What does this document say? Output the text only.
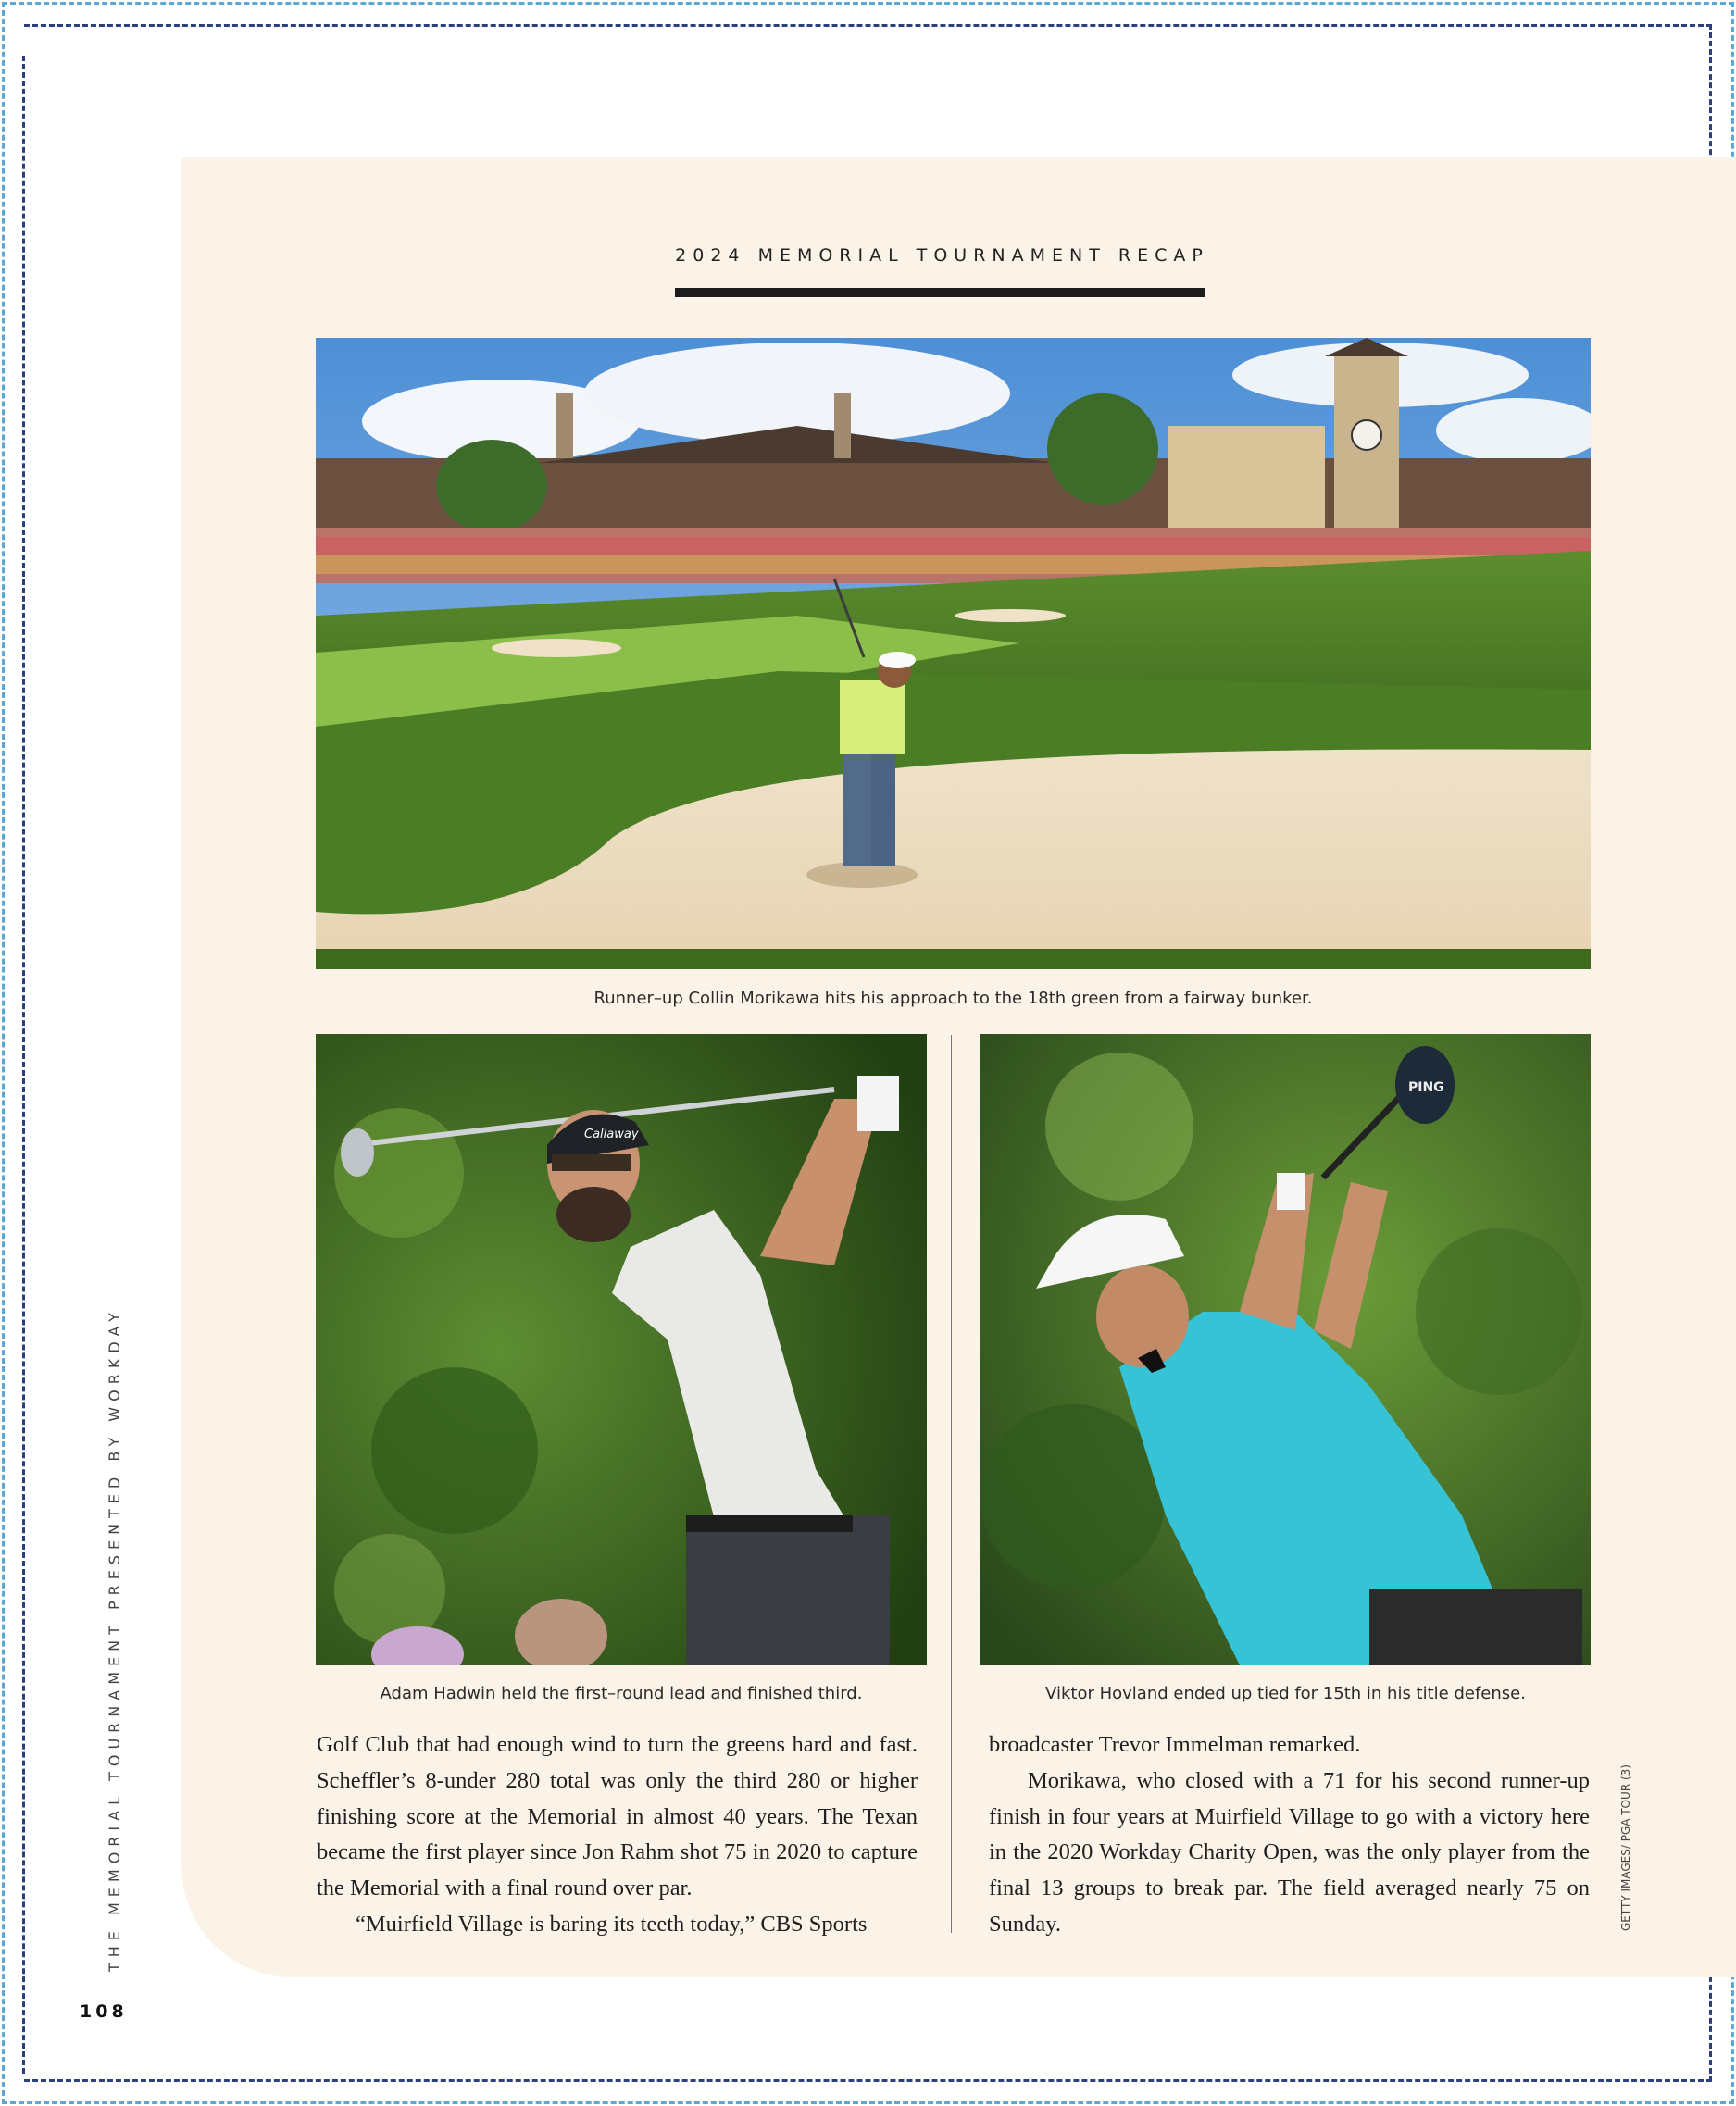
2024 MEMORIAL TOURNAMENT RECAP
Runner–up Collin Morikawa hits his approach to the 18th green from a fairway bunker.
Callaway
Adam Hadwin held the first–round lead and finished third.
PING
Viktor Hovland ended up tied for 15th in his title defense.

Golf Club that had enough wind to turn the greens hard and fast. Scheffler’s 8-under 280 total was only the third 280 or higher finishing score at the Memorial in almost 40 years. The Texan became the first player since Jon Rahm shot 75 in 2020 to capture the Memorial with a final round over par.

“Muirfield Village is baring its teeth today,” CBS Sports

broadcaster Trevor Immelman remarked.

Morikawa, who closed with a 71 for his second runner-up finish in four years at Muirfield Village to go with a victory here in the 2020 Workday Charity Open, was the only player from the final 13 groups to break par. The field averaged nearly 75 on Sunday.

THE MEMORIAL TOURNAMENT PRESENTED BY WORKDAY	GETTY IMAGES/ PGA TOUR (3)
108
